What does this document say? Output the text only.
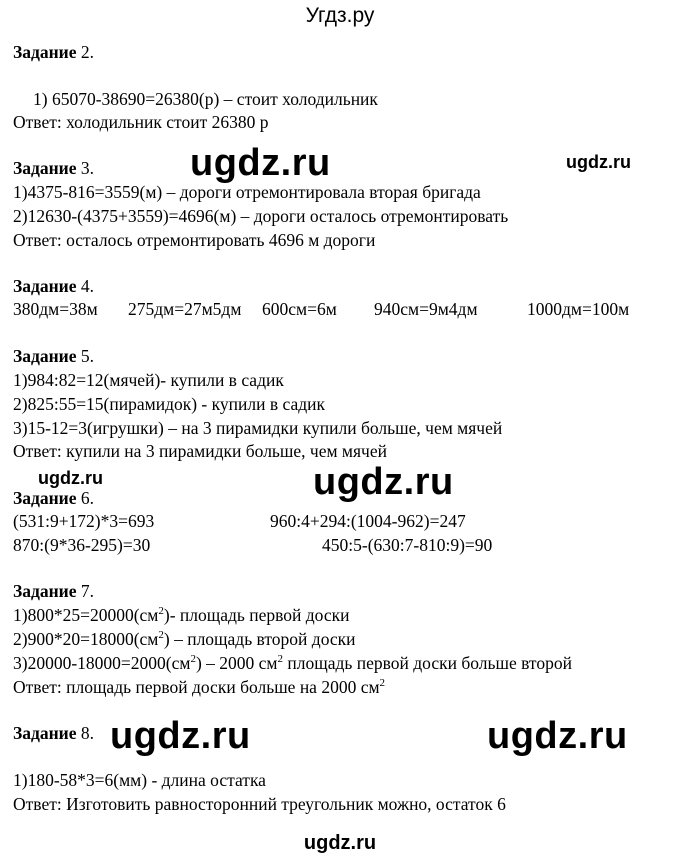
Угдз.ру
Задание 2.
1) 65070-38690=26380(р) – стоит холодильник
Ответ: холодильник стоит 26380 р
Задание 3.
1)4375-816=3559(м) – дороги отремонтировала вторая бригада
2)12630-(4375+3559)=4696(м) – дороги осталось отремонтировать
Ответ: осталось отремонтировать 4696 м дороги
Задание 4.
380дм=38м 275дм=27м5дм 600см=6м 940см=9м4дм	1000дм=100м
Задание 5.
1)984:82=12(мячей)- купили в садик
2)825:55=15(пирамидок) - купили в садик
3)15-12=3(игрушки) – на 3 пирамидки купили больше, чем мячей
Ответ: купили на 3 пирамидки больше, чем мячей
Задание 6.
(531:9+172)*3=693	960:4+294:(1004-962)=247
870:(9*36-295)=30	450:5-(630:7-810:9)=90
Задание 7.
$1)800*25=20000(см^2)-$ площадь первой доски
$2)900*20=18000(см^2)$ – площадь второй доски
$3)20000-18000=2000(см^2) - 2000$ $см^2$ площадь первой доски больше второй
Ответ: площадь первой доски больше на 2000 $см^2$
Задание 8.
1)180-58*3=6(мм) - длина остатка
Ответ: Изготовить равносторонний треугольник можно, остаток 6
ugdz.ru	ugdz.ru
ugdz.ru
ugdz.ru
ugdz.ru	ugdz.ru
ugdz.ru
